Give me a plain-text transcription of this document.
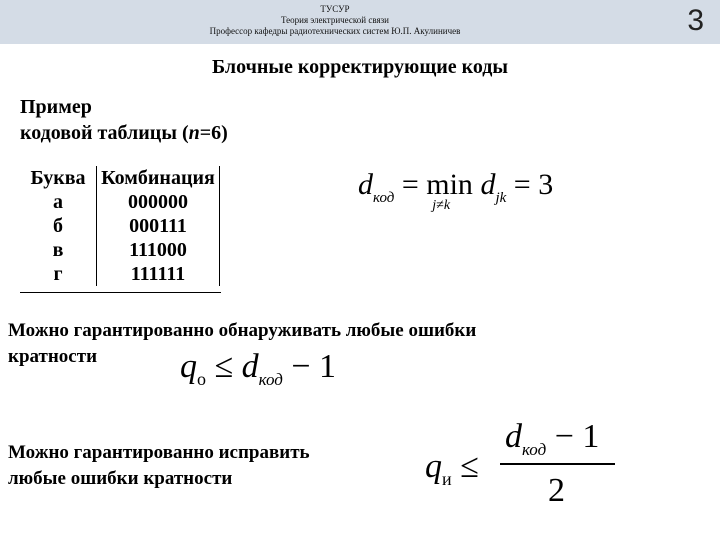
ТУСУР
Теория электрической связи
Профессор кафедры радиотехнических систем Ю.П. Акулиничев	3
Блочные корректирующие коды
Пример
кодовой таблицы (n=6)
Буква Комбинация
а	000000
б	000111
в	111000
г	111111
$d_{код} = \min$
j≠k
$d_{jk} = 3$
Можно гарантированно обнаруживать любые ошибки
кратности	$q_о \le d_{код} - 1$
Можно гарантированно исправить
любые ошибки кратности	$q_и$ ≤
$d_{код} - 1$
2
